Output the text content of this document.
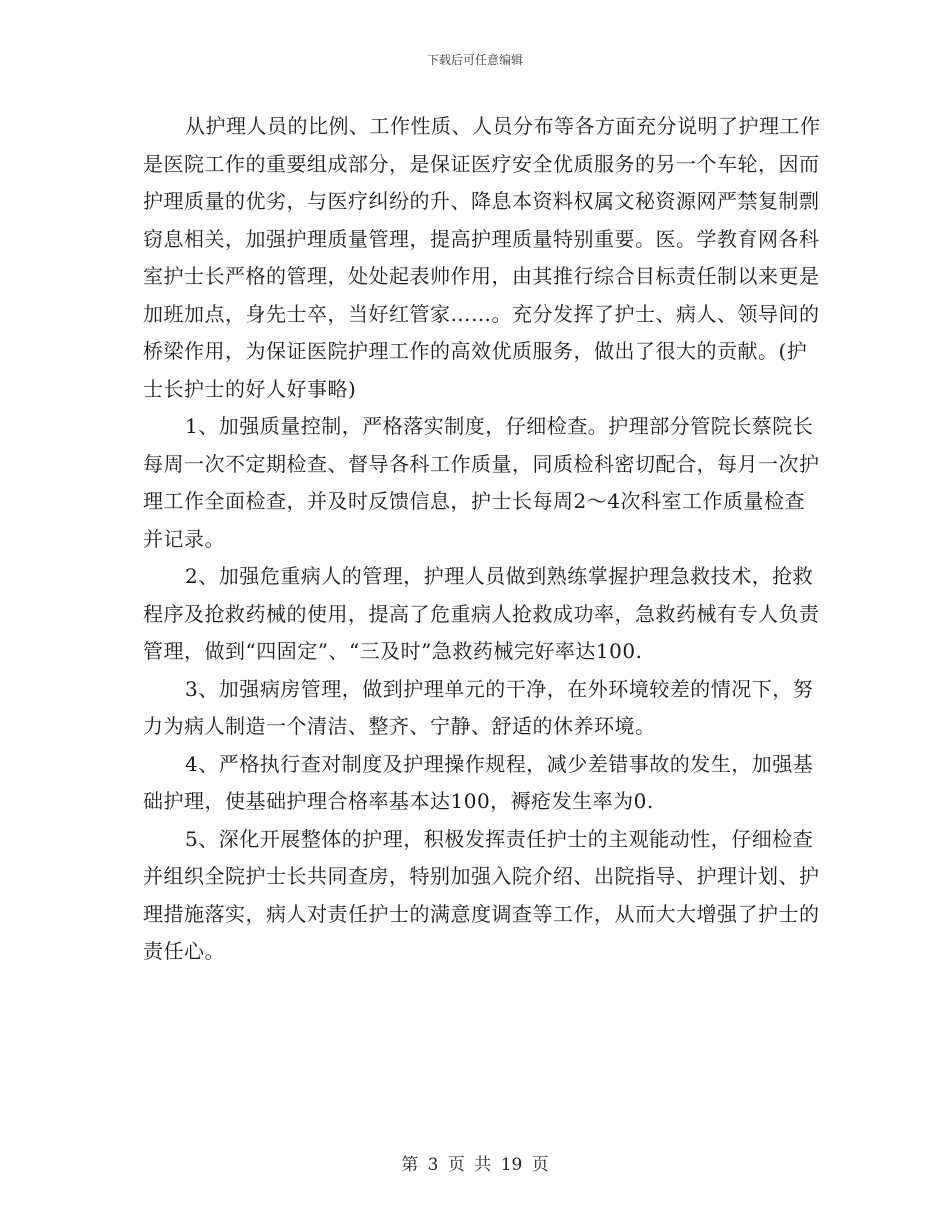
下载后可任意编辑

从护理人员的比例、工作性质、人员分布等各方面充分说明了护理工作是医院工作的重要组成部分，是保证医疗安全优质服务的另一个车轮，因而护理质量的优劣，与医疗纠纷的升、降息本资料权属文秘资源网严禁复制剽窃息相关，加强护理质量管理，提高护理质量特别重要。医。学教育网各科室护士长严格的管理，处处起表帅作用，由其推行综合目标责任制以来更是加班加点，身先士卒，当好红管家……。充分发挥了护士、病人、领导间的桥梁作用，为保证医院护理工作的高效优质服务，做出了很大的贡献。(护士长护士的好人好事略)

1、加强质量控制，严格落实制度，仔细检查。护理部分管院长蔡院长每周一次不定期检查、督导各科工作质量，同质检科密切配合，每月一次护理工作全面检查，并及时反馈信息，护士长每周2～4次科室工作质量检查并记录。

2、加强危重病人的管理，护理人员做到熟练掌握护理急救技术，抢救程序及抢救药械的使用，提高了危重病人抢救成功率，急救药械有专人负责管理，做到“四固定”、“三及时”急救药械完好率达100.

3、加强病房管理，做到护理单元的干净，在外环境较差的情况下，努力为病人制造一个清洁、整齐、宁静、舒适的休养环境。

4、严格执行查对制度及护理操作规程，减少差错事故的发生，加强基础护理，使基础护理合格率基本达100，褥疮发生率为0.

5、深化开展整体的护理，积极发挥责任护士的主观能动性，仔细检查并组织全院护士长共同查房，特别加强入院介绍、出院指导、护理计划、护理措施落实，病人对责任护士的满意度调查等工作，从而大大增强了护士的责任心。

第 3 页 共 19 页
